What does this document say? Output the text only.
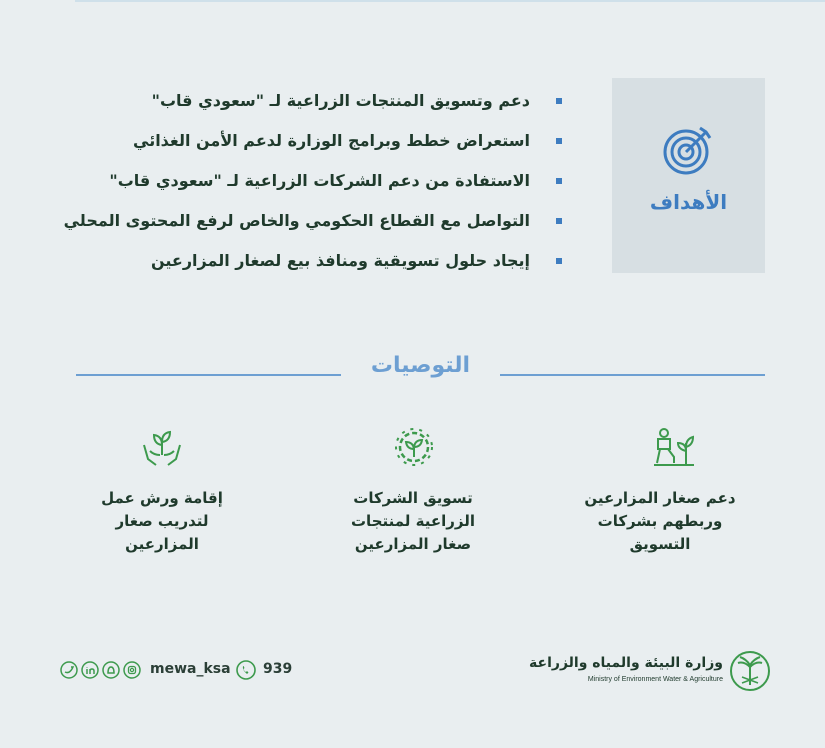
الأهداف
دعم وتسويق المنتجات الزراعية لـ "سعودي قاب"
استعراض خطط وبرامج الوزارة لدعم الأمن الغذائي
الاستفادة من دعم الشركات الزراعية لـ "سعودي قاب"
التواصل مع القطاع الحكومي والخاص لرفع المحتوى المحلي
إيجاد حلول تسويقية ومنافذ بيع لصغار المزارعين
التوصيات
دعم صغار المزارعين وربطهم بشركات التسويق
تسويق الشركات الزراعية لمنتجات صغار المزارعين
إقامة ورش عمل لتدريب صغار المزارعين
وزارة البيئة والمياه والزراعة
Ministry of Environment Water & Agriculture
mewa_ksa 939
